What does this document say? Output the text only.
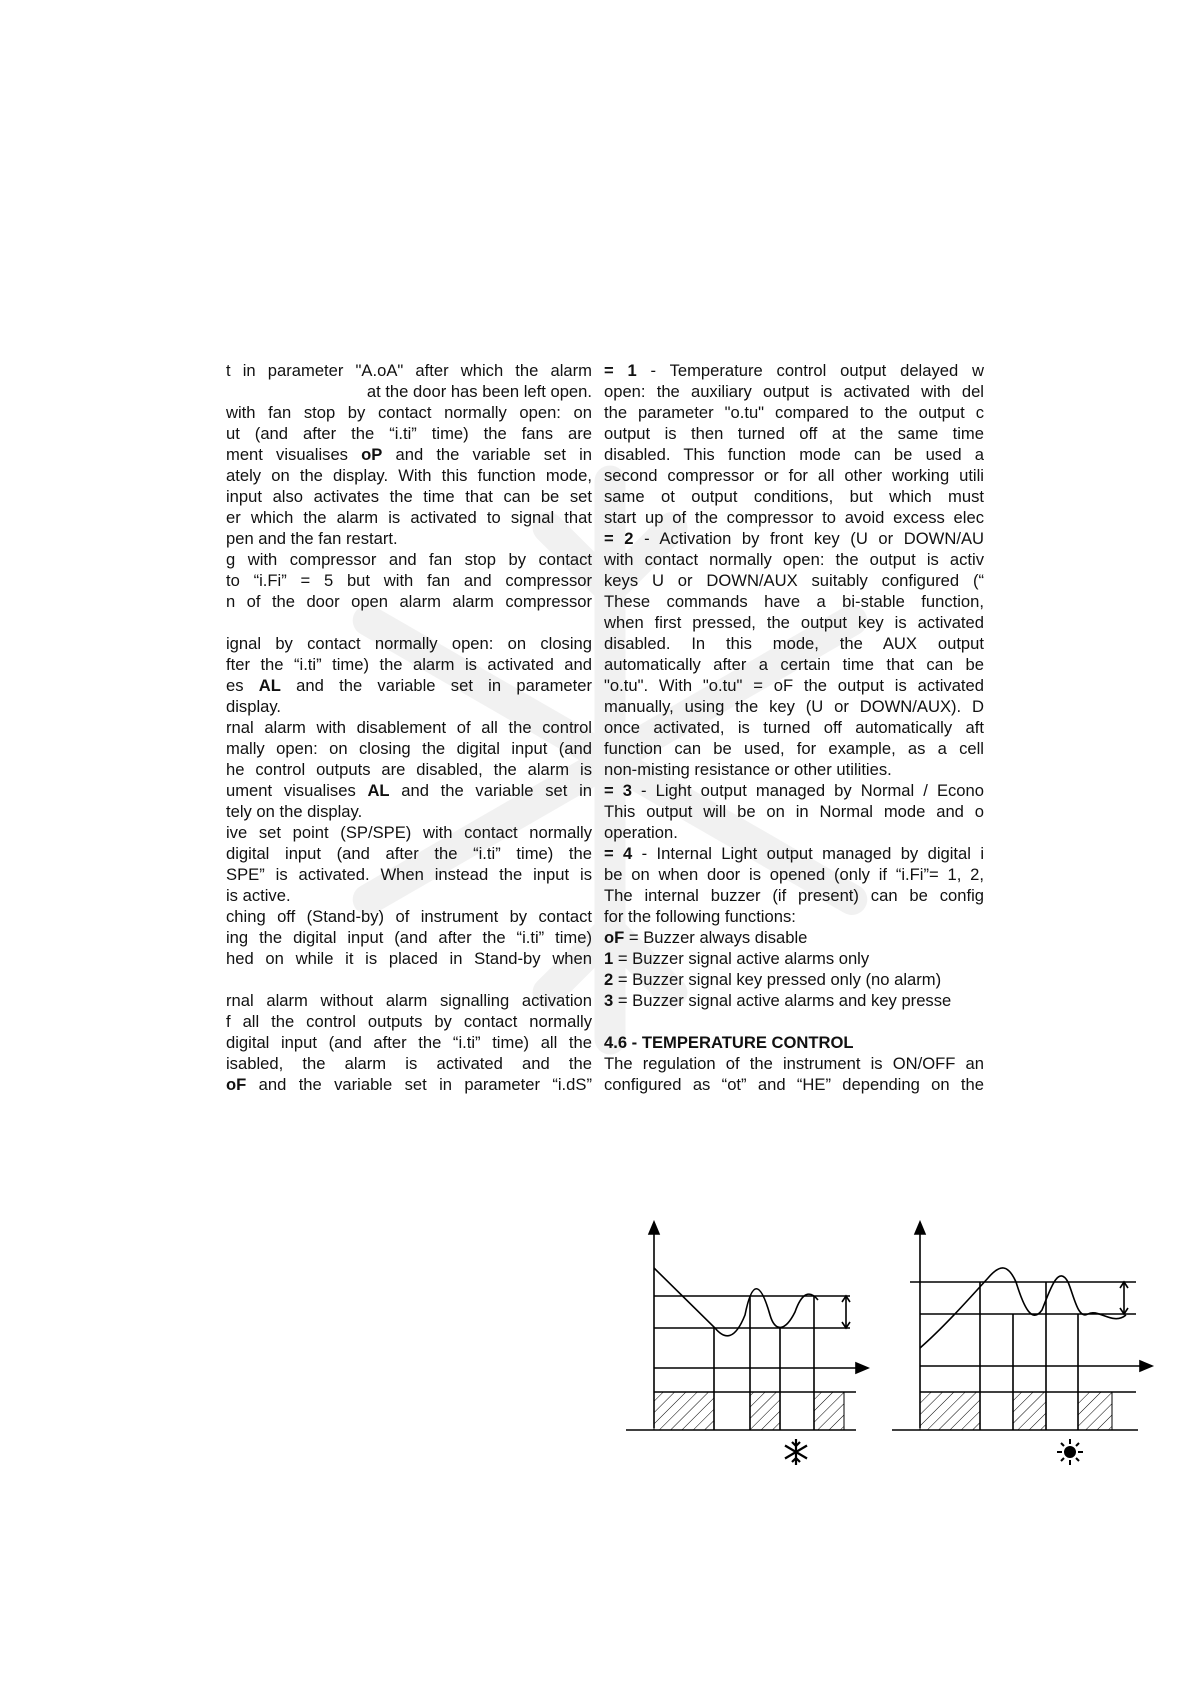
t in parameter "A.oA" after which the alarm
at the door has been left open.
with fan stop by contact normally open: on
ut (and after the “i.ti” time) the fans are
ment visualises oP and the variable set in
ately on the display. With this function mode,
input also activates the time that can be set
er which the alarm is activated to signal that
pen and the fan restart.
g with compressor and fan stop by contact
to “i.Fi” = 5 but with fan and compressor
n of the door open alarm alarm compressor
ignal by contact normally open: on closing
fter the “i.ti” time) the alarm is activated and
es AL and the variable set in parameter
display.
rnal alarm with disablement of all the control
mally open: on closing the digital input (and
he control outputs are disabled, the alarm is
ument visualises AL and the variable set in
tely on the display.
ive set point (SP/SPE) with contact normally
digital input (and after the “i.ti” time) the
SPE” is activated. When instead the input is
is active.
ching off (Stand-by) of instrument by contact
ing the digital input (and after the “i.ti” time)
hed on while it is placed in Stand-by when
rnal alarm without alarm signalling activation
f all the control outputs by contact normally
digital input (and after the “i.ti” time) all the
isabled, the alarm is activated and the
oF and the variable set in parameter “i.dS”
= 1 - Temperature control output delayed w
open: the auxiliary output is activated with del
the parameter "o.tu" compared to the output c
output is then turned off at the same time
disabled. This function mode can be used a
second compressor or for all other working utili
same ot output conditions, but which must
start up of the compressor to avoid excess elec
= 2 - Activation by front key (U or DOWN/AU
with contact normally open: the output is activ
keys U or DOWN/AUX suitably configured (“
These commands have a bi-stable function,
when first pressed, the output key is activated
disabled. In this mode, the AUX output
automatically after a certain time that can be
"o.tu". With "o.tu" = oF the output is activated
manually, using the key (U or DOWN/AUX). D
once activated, is turned off automatically aft
function can be used, for example, as a cell
non-misting resistance or other utilities.
= 3 - Light output managed by Normal / Econo
This output will be on in Normal mode and o
operation.
= 4 - Internal Light output managed by digital i
be on when door is opened (only if “i.Fi”= 1, 2,
The internal buzzer (if present) can be config
for the following functions:
oF = Buzzer always disable
1 = Buzzer signal active alarms only
2 = Buzzer signal key pressed only (no alarm)
3 = Buzzer signal active alarms and key presse
4.6 - TEMPERATURE CONTROL
The regulation of the instrument is ON/OFF an
configured as “ot” and “HE” depending on the
